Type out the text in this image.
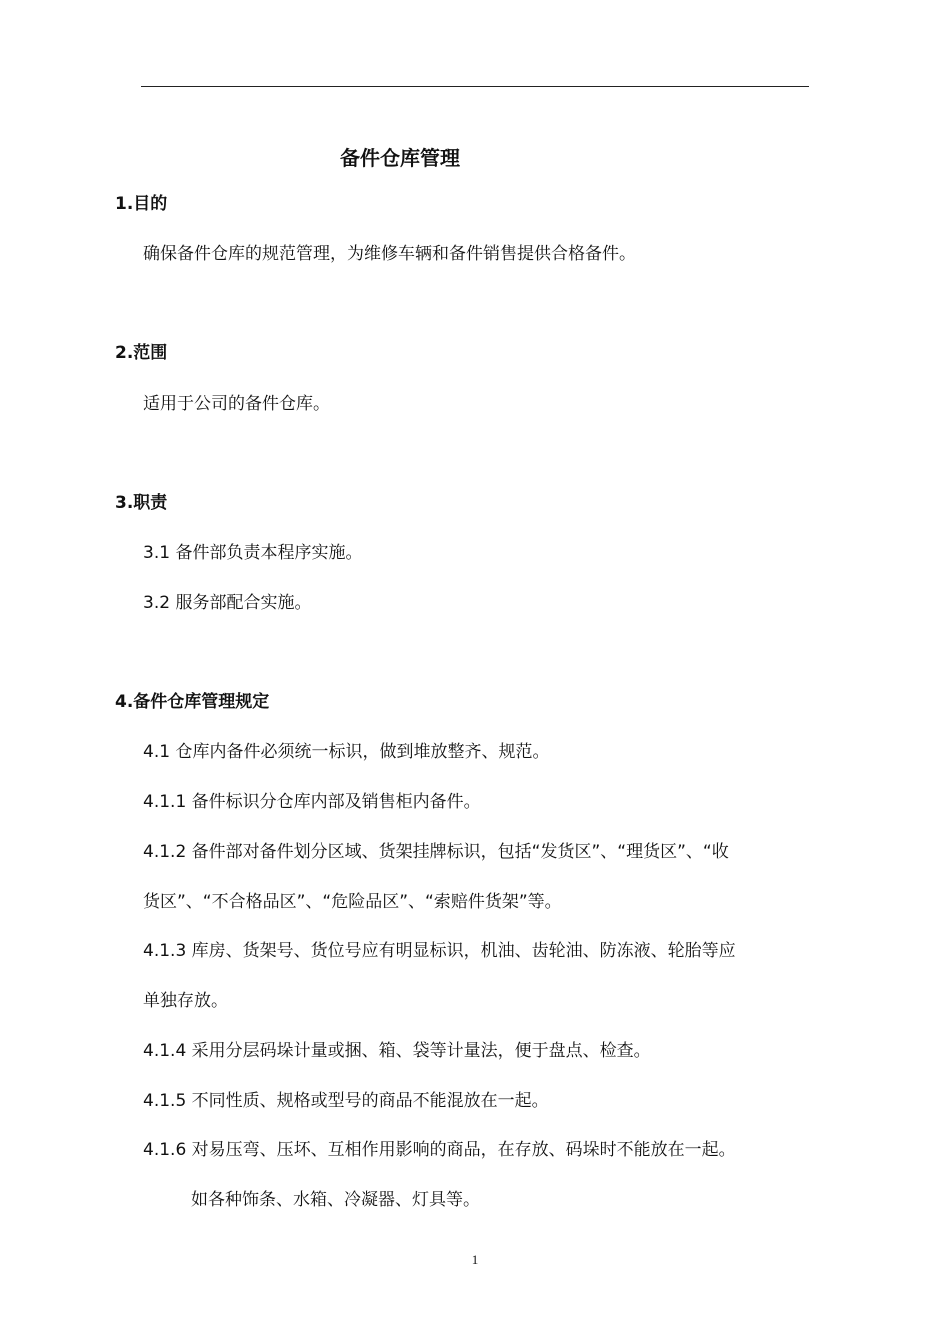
备件仓库管理
1.目的
确保备件仓库的规范管理，为维修车辆和备件销售提供合格备件。
2.范围
适用于公司的备件仓库。
3.职责
3.1 备件部负责本程序实施。
3.2 服务部配合实施。
4.备件仓库管理规定
4.1 仓库内备件必须统一标识，做到堆放整齐、规范。
4.1.1 备件标识分仓库内部及销售柜内备件。
4.1.2 备件部对备件划分区域、货架挂牌标识，包括“发货区”、“理货区”、“收
货区”、“不合格品区”、“危险品区”、“索赔件货架”等。
4.1.3 库房、货架号、货位号应有明显标识，机油、齿轮油、防冻液、轮胎等应
单独存放。
4.1.4 采用分层码垛计量或捆、箱、袋等计量法，便于盘点、检查。
4.1.5 不同性质、规格或型号的商品不能混放在一起。
4.1.6 对易压弯、压坏、互相作用影响的商品，在存放、码垛时不能放在一起。
如各种饰条、水箱、冷凝器、灯具等。
1
